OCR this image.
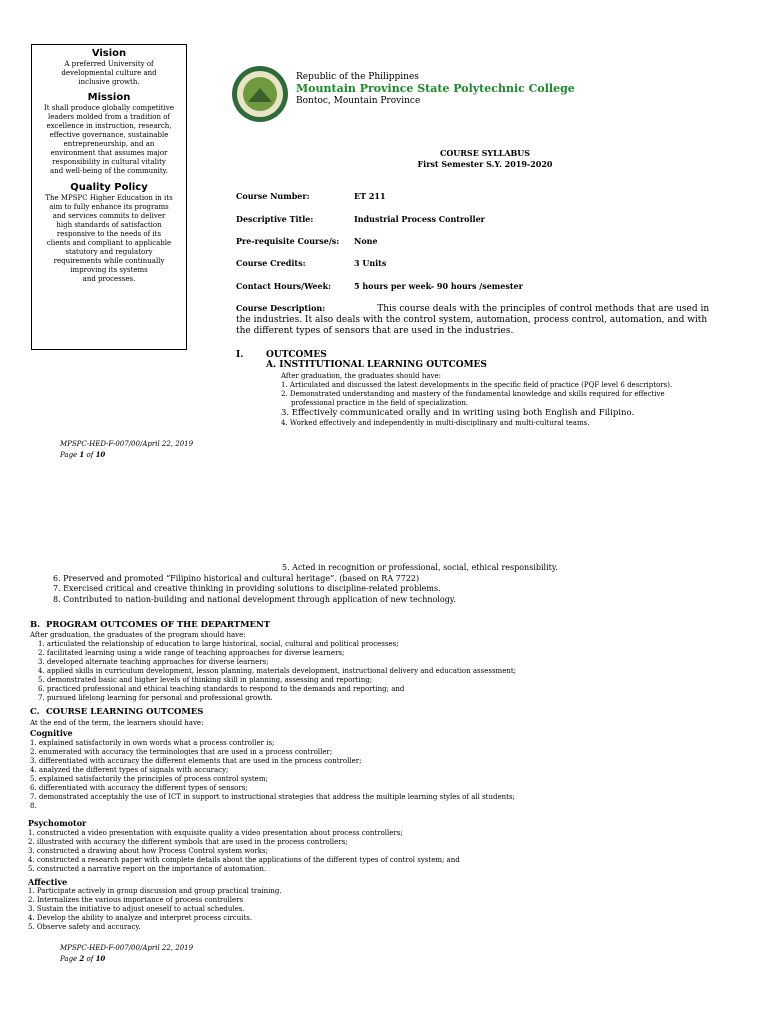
Vision

A preferred University of
developmental culture and
inclusive growth.

Mission

It shall produce globally competitive
leaders molded from a tradition of
excellence in instruction, research,
effective governance, sustainable
entrepreneurship, and an
environment that assumes major
responsibility in cultural vitality
and well-being of the community.

Quality Policy

The MPSPC Higher Education in its
aim to fully enhance its programs
and services commits to deliver
high standards of satisfaction
responsive to the needs of its
clients and compliant to applicable
statutory and regulatory
requirements while continually
improving its systems
and processes.

Republic of the Philippines
Mountain Province State Polytechnic College
Bontoc, Mountain Province
COURSE SYLLABUS
First Semester S.Y. 2019-2020
Course Number:	ET 211
Descriptive Title:	Industrial Process Controller
Pre-requisite Course/s: None
Course Credits:	3 Units
Contact Hours/Week:	5 hours per week- 90 hours /semester
Course Description:	This course deals with the principles of control methods that are used in
the industries. It also deals with the control system, automation, process control, automation, and with
the different types of sensors that are used in the industries.
I.	OUTCOMES
A. INSTITUTIONAL LEARNING OUTCOMES
After graduation, the graduates should have:
1. Articulated and discussed the latest developments in the specific field of practice (PQF level 6 descriptors).
2. Demonstrated understanding and mastery of the fundamental knowledge and skills required for effective
professional practice in the field of specialization.
3. Effectively communicated orally and in writing using both English and Filipino.
4. Worked effectively and independently in multi-disciplinary and multi-cultural teams.
MPSPC-HED-F-007/00/April 22, 2019
Page 1 of 10
5. Acted in recognition or professional, social, ethical responsibility.
6. Preserved and promoted “Filipino historical and cultural heritage”. (based on RA 7722)
7. Exercised critical and creative thinking in providing solutions to discipline-related problems.
8. Contributed to nation-building and national development through application of new technology.
B. PROGRAM OUTCOMES OF THE DEPARTMENT
After graduation, the graduates of the program should have:
1. articulated the relationship of education to large historical, social, cultural and political processes;
2. facilitated learning using a wide range of teaching approaches for diverse learners;
3. developed alternate teaching approaches for diverse learners;
4. applied skills in curriculum development, lesson planning, materials development, instructional delivery and education assessment;
5. demonstrated basic and higher levels of thinking skill in planning, assessing and reporting;
6. practiced professional and ethical teaching standards to respond to the demands and reporting; and
7. pursued lifelong learning for personal and professional growth.
C. COURSE LEARNING OUTCOMES
At the end of the term, the learners should have:
Cognitive
1. explained satisfactorily in own words what a process controller is;
2. enumerated with accuracy the terminologies that are used in a process controller;
3. differentiated with accuracy the different elements that are used in the process controller;
4. analyzed the different types of signals with accuracy;
5. explained satisfactorily the principles of process control system;
6. differentiated with accuracy the different types of sensors;
7. demonstrated acceptably the use of ICT in support to instructional strategies that address the multiple learning styles of all students;
8.
Psychomotor
1. constructed a video presentation with exquisite quality a video presentation about process controllers;
2. illustrated with accuracy the different symbols that are used in the process controllers;
3. constructed a drawing about how Process Control system works;
4. constructed a research paper with complete details about the applications of the different types of control system; and
5. constructed a narrative report on the importance of automation.
Affective
1. Participate actively in group discussion and group practical training.
2. Internalizes the various importance of process controllers
3. Sustain the initiative to adjust oneself to actual schedules.
4. Develop the ability to analyze and interpret process circuits.
5. Observe safety and accuracy.
MPSPC-HED-F-007/00/April 22, 2019
Page 2 of 10
